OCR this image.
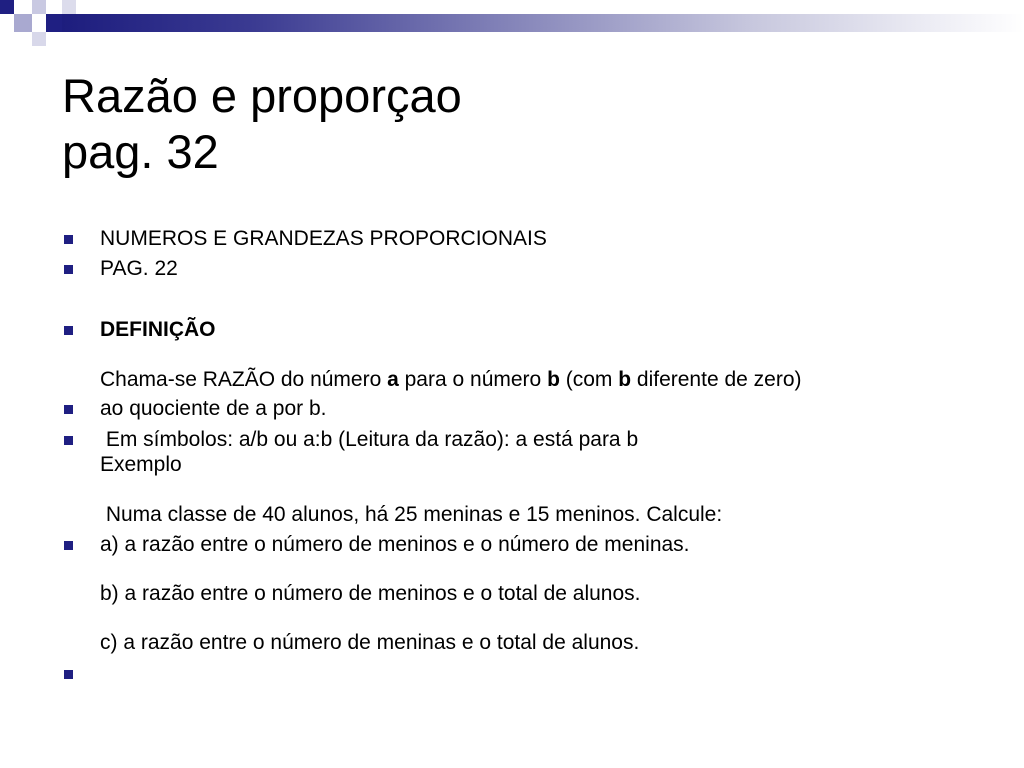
Razão e proporçao
pag. 32
NUMEROS E GRANDEZAS PROPORCIONAIS
PAG. 22
DEFINIÇÃO
Chama-se RAZÃO do número a para o número b (com b diferente de zero)
ao quociente de a por b.
Em símbolos: a/b ou a:b (Leitura da razão): a está para b
Exemplo
Numa classe de 40 alunos, há 25 meninas e 15 meninos. Calcule:
a) a razão entre o número de meninos e o número de meninas.
b) a razão entre o número de meninos e o total de alunos.
c) a razão entre o número de meninas e o total de alunos.
